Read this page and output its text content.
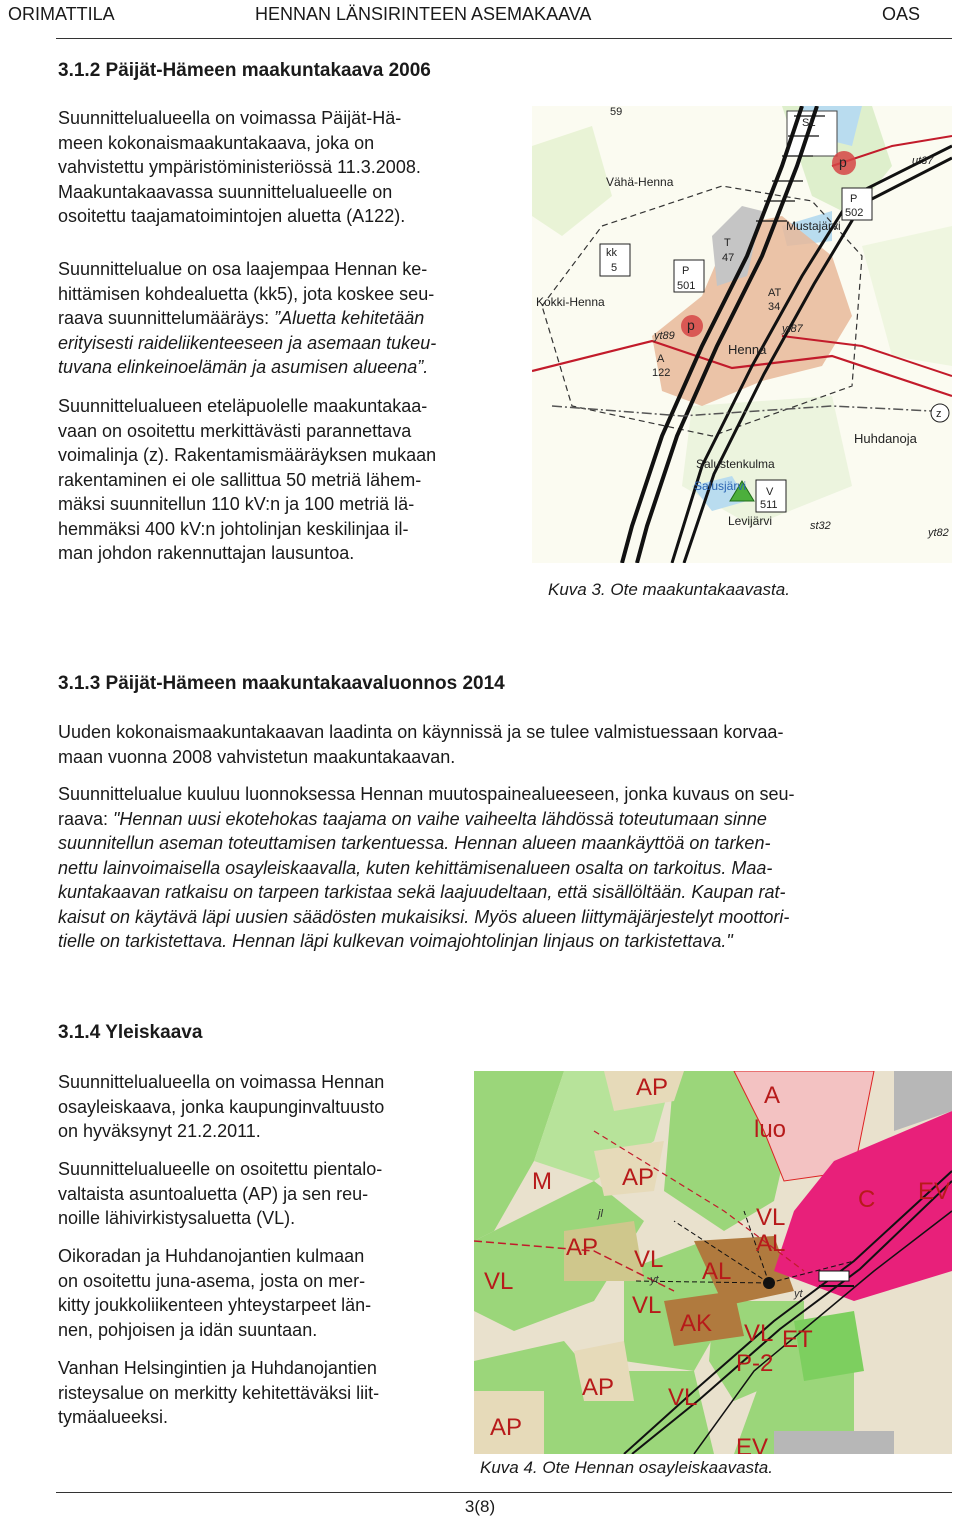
ORIMATTILA	HENNAN LÄNSIRINTEEN ASEMAKAAVA	OAS
3.1.2 Päijät-Hämeen maakuntakaava 2006
Suunnittelualueella on voimassa Päijät-Hä-
meen kokonaismaakuntakaava, joka on
vahvistettu ympäristöministeriössä 11.3.2008.
Maakuntakaavassa suunnittelualueelle on
osoitettu taajamatoimintojen aluetta (A122).
Suunnittelualue on osa laajempaa Hennan ke-
hittämisen kohdealuetta (kk5), jota koskee seu-
raava suunnittelumääräys: ”Aluetta kehitetään
erityisesti raideliikenteeseen ja asemaan tukeu-
tuvana elinkeinoelämän ja asumisen alueena”.
Suunnittelualueen eteläpuolelle maakuntakaa-
vaan on osoitettu merkittävästi parannettava
voimalinja (z). Rakentamismääräyksen mukaan
rakentaminen ei ole sallittua 50 metriä lähem-
mäksi suunnitellun 110 kV:n ja 100 metriä lä-
hemmäksi 400 kV:n johtolinjan keskilinjaa il-
man johdon rakennuttajan lausuntoa.
59
Vähä-Henna
Kokki-Henna
Mustajärvi
kk
5	P
501
T
47
AT
34
yt89
yt87
A
122
Henna
Huhdanoja
Salustenkulma
Salusjärvi
Levijärvi
V
511
st32
z
p
p
P
502
ut37
SL
yt82
Kuva 3. Ote maakuntakaavasta.
3.1.3 Päijät-Hämeen maakuntakaavaluonnos 2014
Uuden kokonaismaakuntakaavan laadinta on käynnissä ja se tulee valmistuessaan korvaa-
maan vuonna 2008 vahvistetun maakuntakaavan.
Suunnittelualue kuuluu luonnoksessa Hennan muutospainealueeseen, jonka kuvaus on seu-
raava: "Hennan uusi ekotehokas taajama on vaihe vaiheelta lähdössä toteutumaan sinne
suunnitellun aseman toteuttamisen tarkentuessa. Hennan alueen maankäyttöä on tarken-
nettu lainvoimaisella osayleiskaavalla, kuten kehittämisenalueen osalta on tarkoitus. Maa-
kuntakaavan ratkaisu on tarpeen tarkistaa sekä laajuudeltaan, että sisällöltään. Kaupan rat-
kaisut on käytävä läpi uusien säädösten mukaisiksi. Myös alueen liittymäjärjestelyt moottori-
tielle on tarkistettava. Hennan läpi kulkevan voimajohtolinjan linjaus on tarkistettava."
3.1.4 Yleiskaava
Suunnittelualueella on voimassa Hennan
osayleiskaava, jonka kaupunginvaltuusto
on hyväksynyt 21.2.2011.
Suunnittelualueelle on osoitettu pientalo-
valtaista asuntoaluetta (AP) ja sen reu-
noille lähivirkistysaluetta (VL).
Oikoradan ja Huhdanojantien kulmaan
on osoitettu juna-asema, josta on mer-
kitty joukkoliikenteen yhteystarpeet län-
nen, pohjoisen ja idän suuntaan.
Vanhan Helsingintien ja Huhdanojantien
risteysalue on merkitty kehitettäväksi liit-
tymäalueeksi.
AP	A
luo
AP
M
C EV
VL
AP VL AL
VL
AL
VL
AK VL ET
P-2
AP VL
AP
EV
yt
yt
jl
Kuva 4. Ote Hennan osayleiskaavasta.
3(8)
